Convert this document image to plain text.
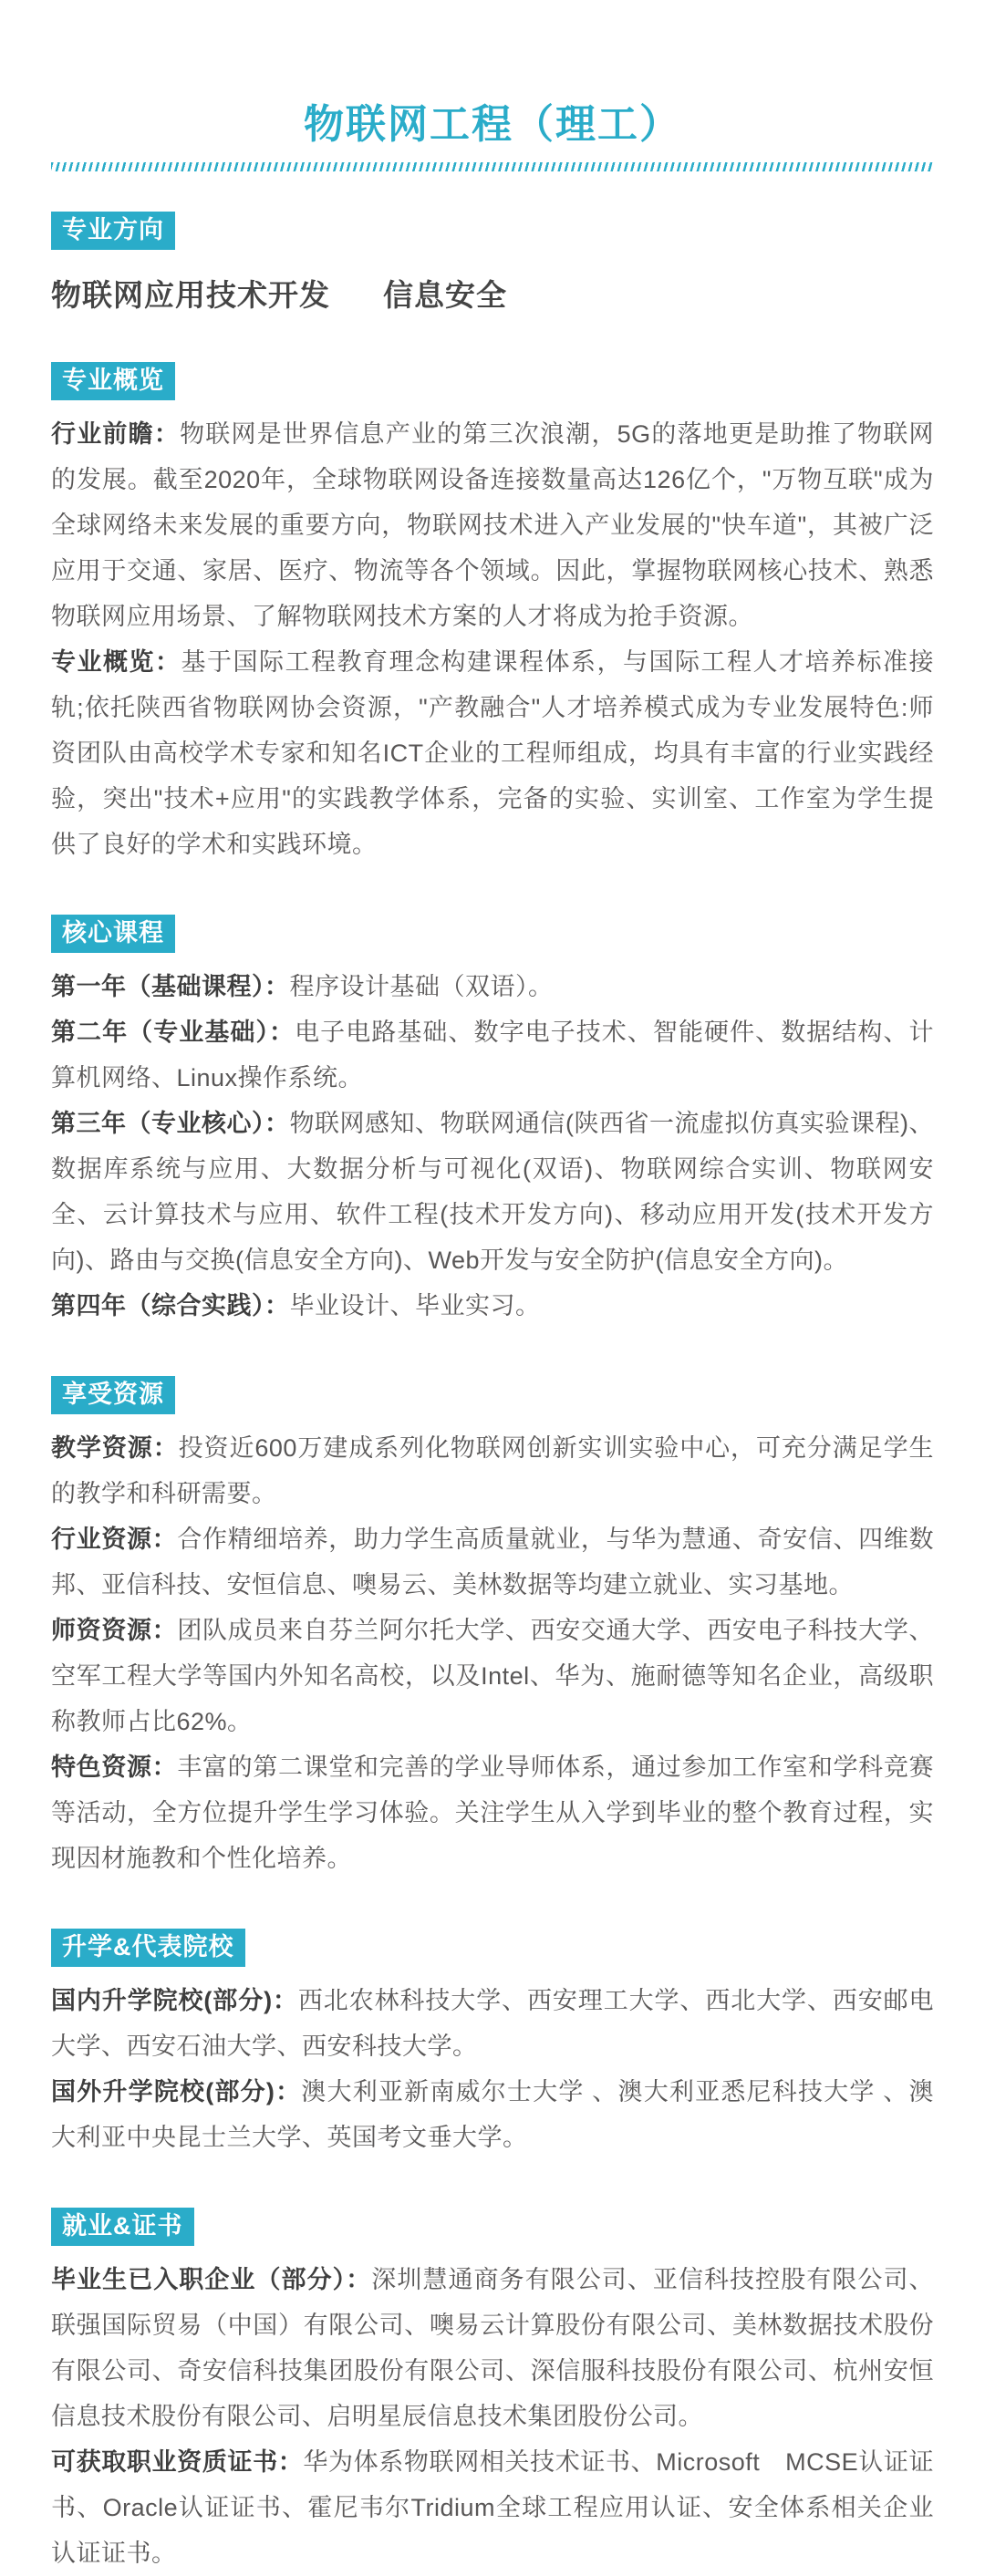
物联网工程（理工）
专业方向
物联网应用技术开发 信息安全
专业概览

行业前瞻：物联网是世界信息产业的第三次浪潮，5G的落地更是助推了物联网的发展。截至2020年，全球物联网设备连接数量高达126亿个，"万物互联"成为全球网络未来发展的重要方向，物联网技术进入产业发展的"快车道"，其被广泛应用于交通、家居、医疗、物流等各个领域。因此，掌握物联网核心技术、熟悉物联网应用场景、了解物联网技术方案的人才将成为抢手资源。

专业概览：基于国际工程教育理念构建课程体系，与国际工程人才培养标准接轨;依托陕西省物联网协会资源，"产教融合"人才培养模式成为专业发展特色:师资团队由高校学术专家和知名ICT企业的工程师组成，均具有丰富的行业实践经验，突出"技术+应用"的实践教学体系，完备的实验、实训室、工作室为学生提供了良好的学术和实践环境。

核心课程

第一年（基础课程）：程序设计基础（双语）。

第二年（专业基础）：电子电路基础、数字电子技术、智能硬件、数据结构、计算机网络、Linux操作系统。

第三年（专业核心）：物联网感知、物联网通信(陕西省一流虚拟仿真实验课程)、数据库系统与应用、大数据分析与可视化(双语)、物联网综合实训、物联网安全、云计算技术与应用、软件工程(技术开发方向)、移动应用开发(技术开发方向)、路由与交换(信息安全方向)、Web开发与安全防护(信息安全方向)。

第四年（综合实践）：毕业设计、毕业实习。

享受资源

教学资源：投资近600万建成系列化物联网创新实训实验中心，可充分满足学生的教学和科研需要。

行业资源：合作精细培养，助力学生高质量就业，与华为慧通、奇安信、四维数邦、亚信科技、安恒信息、噢易云、美林数据等均建立就业、实习基地。

师资资源：团队成员来自芬兰阿尔托大学、西安交通大学、西安电子科技大学、空军工程大学等国内外知名高校，以及Intel、华为、施耐德等知名企业，高级职称教师占比62%。

特色资源：丰富的第二课堂和完善的学业导师体系，通过参加工作室和学科竞赛等活动，全方位提升学生学习体验。关注学生从入学到毕业的整个教育过程，实现因材施教和个性化培养。

升学&代表院校

国内升学院校(部分)：西北农林科技大学、西安理工大学、西北大学、西安邮电大学、西安石油大学、西安科技大学。

国外升学院校(部分)：澳大利亚新南威尔士大学 、澳大利亚悉尼科技大学 、澳大利亚中央昆士兰大学、英国考文垂大学。

就业&证书

毕业生已入职企业（部分）：深圳慧通商务有限公司、亚信科技控股有限公司、联强国际贸易（中国）有限公司、噢易云计算股份有限公司、美林数据技术股份有限公司、奇安信科技集团股份有限公司、深信服科技股份有限公司、杭州安恒信息技术股份有限公司、启明星辰信息技术集团股份公司。

可获取职业资质证书：华为体系物联网相关技术证书、Microsoft　MCSE认证证书、Oracle认证证书、霍尼韦尔Tridium全球工程应用认证、安全体系相关企业认证证书。
